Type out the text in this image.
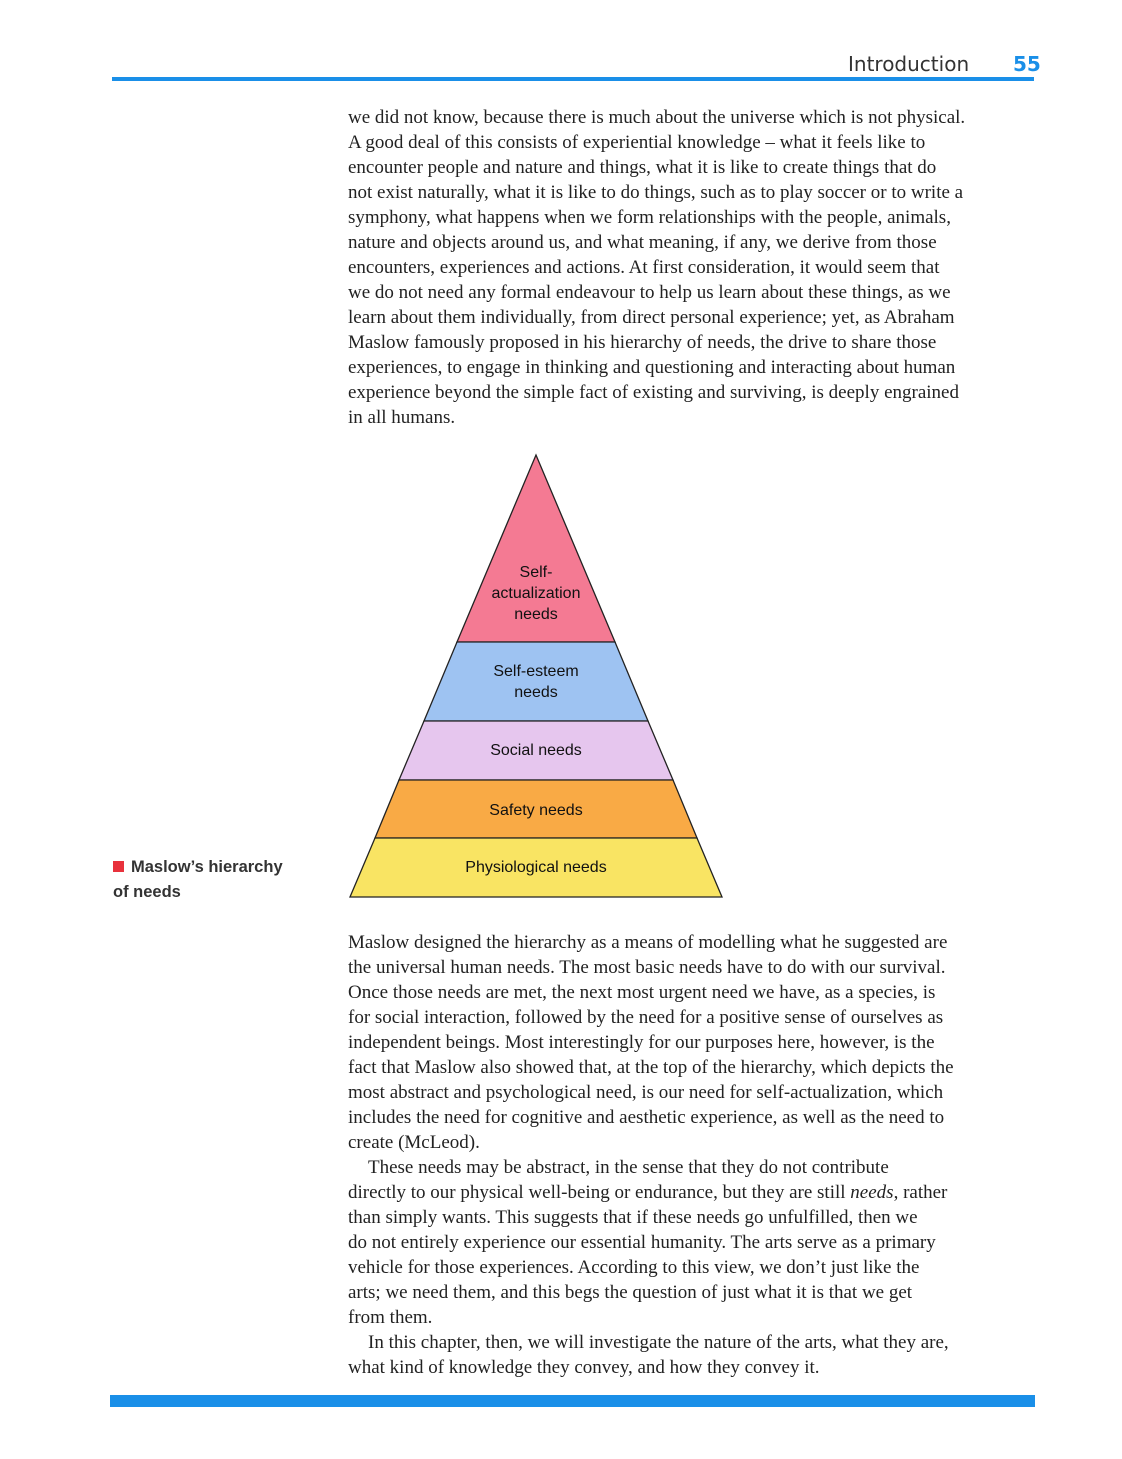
Introduction 55

we did not know, because there is much about the universe which is not physical.

A good deal of this consists of experiential knowledge – what it feels like to

encounter people and nature and things, what it is like to create things that do

not exist naturally, what it is like to do things, such as to play soccer or to write a

symphony, what happens when we form relationships with the people, animals,

nature and objects around us, and what meaning, if any, we derive from those

encounters, experiences and actions. At first consideration, it would seem that

we do not need any formal endeavour to help us learn about these things, as we

learn about them individually, from direct personal experience; yet, as Abraham

Maslow famously proposed in his hierarchy of needs, the drive to share those

experiences, to engage in thinking and questioning and interacting about human

experience beyond the simple fact of existing and surviving, is deeply engrained

in all humans.

Self-
actualization
needs
Self-esteem
needs
Social needs
Safety needs
Physiological needs
Maslow’s hierarchy
of needs

Maslow designed the hierarchy as a means of modelling what he suggested are

the universal human needs. The most basic needs have to do with our survival.

Once those needs are met, the next most urgent need we have, as a species, is

for social interaction, followed by the need for a positive sense of ourselves as

independent beings. Most interestingly for our purposes here, however, is the

fact that Maslow also showed that, at the top of the hierarchy, which depicts the

most abstract and psychological need, is our need for self-actualization, which

includes the need for cognitive and aesthetic experience, as well as the need to

create (McLeod).

These needs may be abstract, in the sense that they do not contribute

directly to our physical well-being or endurance, but they are still needs, rather

than simply wants. This suggests that if these needs go unfulfilled, then we

do not entirely experience our essential humanity. The arts serve as a primary

vehicle for those experiences. According to this view, we don’t just like the

arts; we need them, and this begs the question of just what it is that we get

from them.

In this chapter, then, we will investigate the nature of the arts, what they are,

what kind of knowledge they convey, and how they convey it.
